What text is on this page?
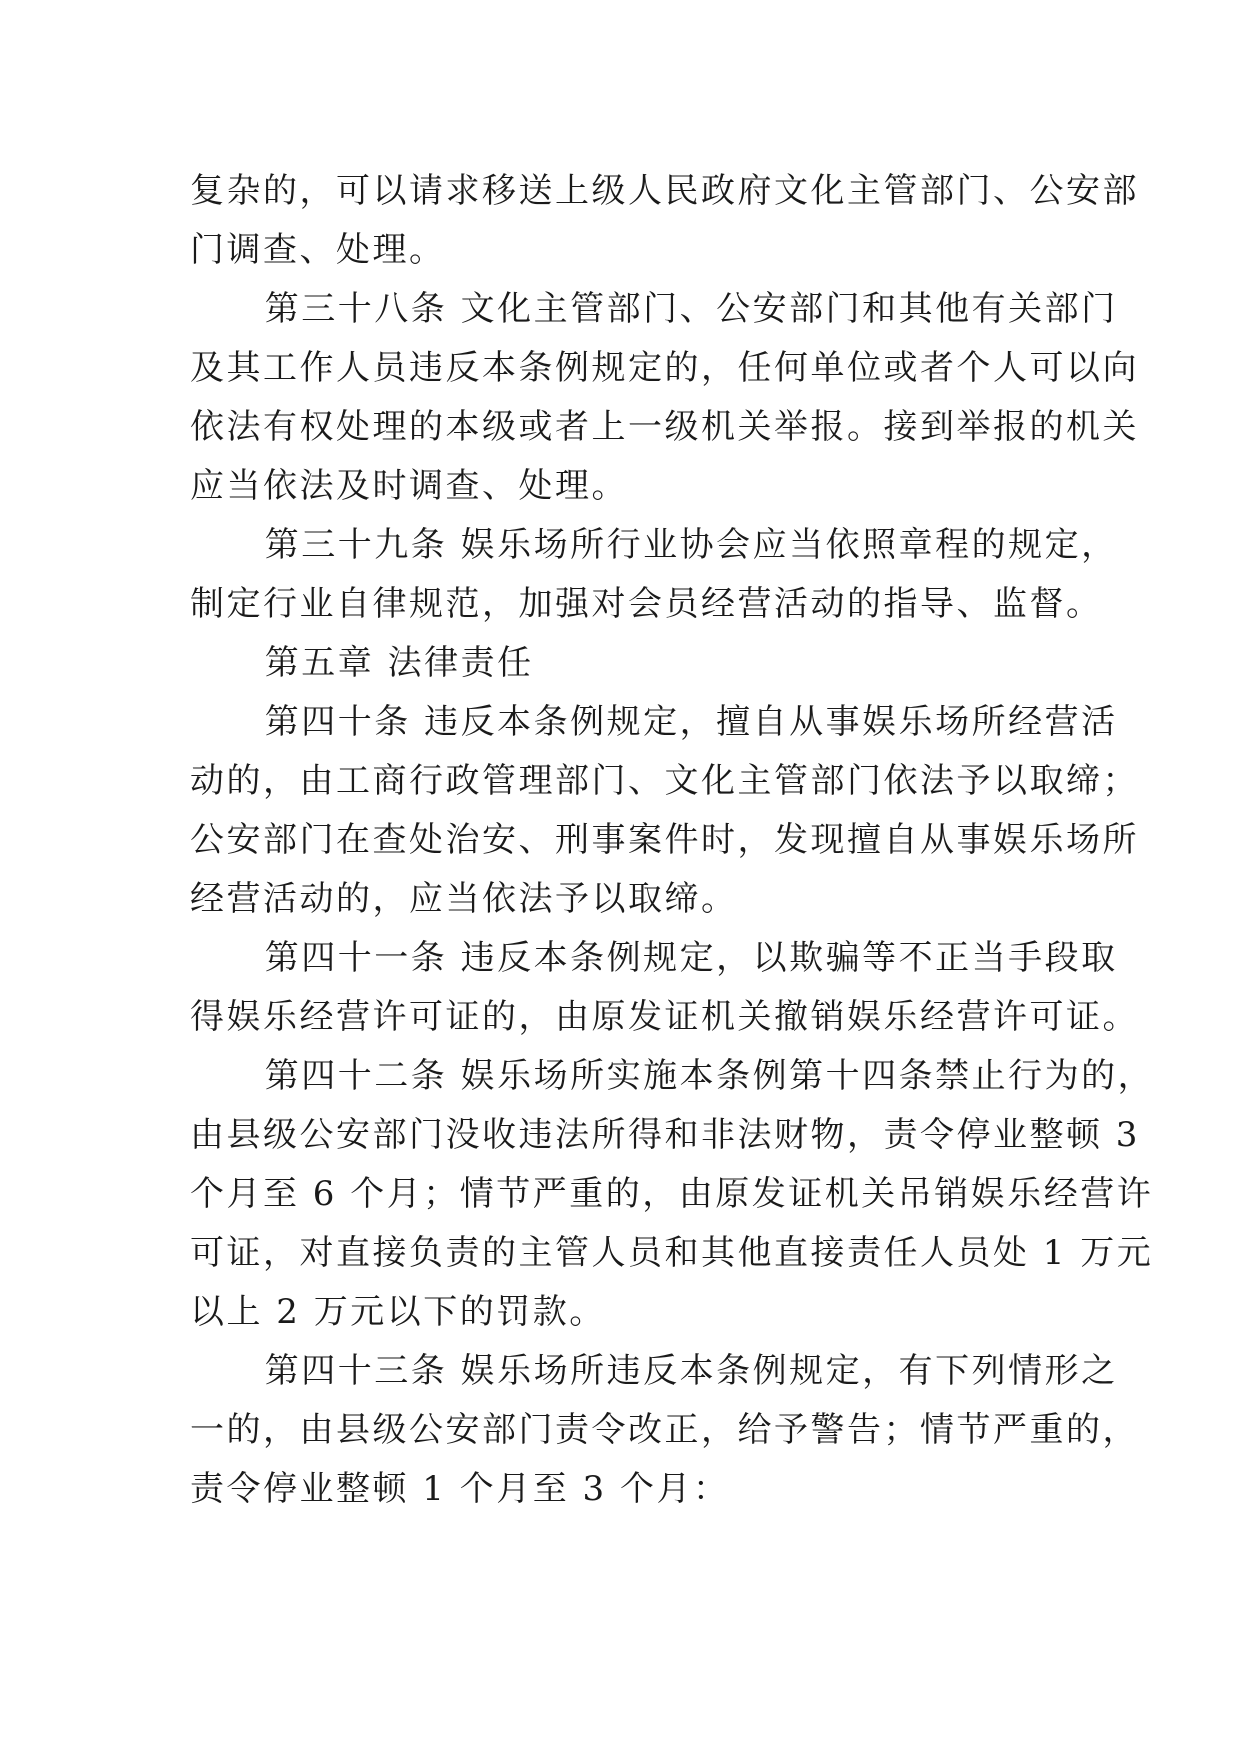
复杂的，可以请求移送上级人民政府文化主管部门、公安部
门调查、处理。

第三十八条 文化主管部门、公安部门和其他有关部门
及其工作人员违反本条例规定的，任何单位或者个人可以向
依法有权处理的本级或者上一级机关举报。接到举报的机关
应当依法及时调查、处理。

第三十九条 娱乐场所行业协会应当依照章程的规定，
制定行业自律规范，加强对会员经营活动的指导、监督。

第五章 法律责任

第四十条 违反本条例规定，擅自从事娱乐场所经营活
动的，由工商行政管理部门、文化主管部门依法予以取缔；
公安部门在查处治安、刑事案件时，发现擅自从事娱乐场所
经营活动的，应当依法予以取缔。

第四十一条 违反本条例规定，以欺骗等不正当手段取
得娱乐经营许可证的，由原发证机关撤销娱乐经营许可证。

第四十二条 娱乐场所实施本条例第十四条禁止行为的，
由县级公安部门没收违法所得和非法财物，责令停业整顿 3
个月至 6 个月；情节严重的，由原发证机关吊销娱乐经营许
可证，对直接负责的主管人员和其他直接责任人员处 1 万元
以上 2 万元以下的罚款。

第四十三条 娱乐场所违反本条例规定，有下列情形之
一的，由县级公安部门责令改正，给予警告；情节严重的，
责令停业整顿 1 个月至 3 个月：
